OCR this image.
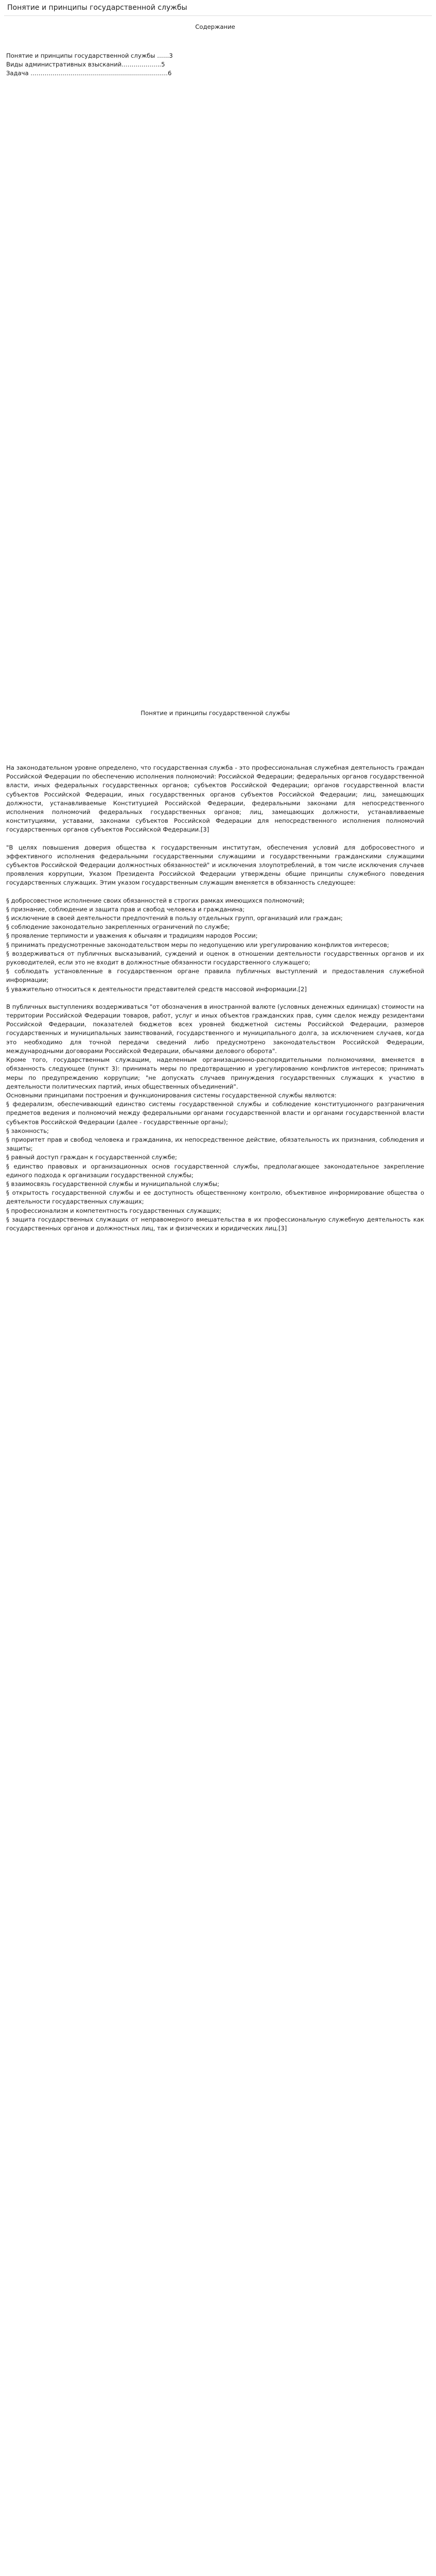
Понятие и принципы государственной службы
Содержание

Понятие и принципы государственной службы ……3

Виды административных взысканий………………..5

Задача ……………………………………………………………6

Понятие и принципы государственной службы

На законодательном уровне определено, что государственная служба - это профессиональная служебная деятельность граждан Российской Федерации по обеспечению исполнения полномочий: Российской Федерации; федеральных органов государственной власти, иных федеральных государственных органов; субъектов Российской Федерации; органов государственной власти субъектов Российской Федерации, иных государственных органов субъектов Российской Федерации; лиц, замещающих должности, устанавливаемые Конституцией Российской Федерации, федеральными законами для непосредственного исполнения полномочий федеральных государственных органов; лиц, замещающих должности, устанавливаемые конституциями, уставами, законами субъектов Российской Федерации для непосредственного исполнения полномочий государственных органов субъектов Российской Федерации.[3]

"В целях повышения доверия общества к государственным институтам, обеспечения условий для добросовестного и эффективного исполнения федеральными государственными служащими и государственными гражданскими служащими субъектов Российской Федерации должностных обязанностей" и исключения злоупотреблений, в том числе исключения случаев проявления коррупции, Указом Президента Российской Федерации утверждены общие принципы служебного поведения государственных служащих. Этим указом государственным служащим вменяется в обязанность следующее:

§ добросовестное исполнение своих обязанностей в строгих рамках имеющихся полномочий;

§ признание, соблюдение и защита прав и свобод человека и гражданина;

§ исключение в своей деятельности предпочтений в пользу отдельных групп, организаций или граждан;

§ соблюдение законодательно закрепленных ограничений по службе;

§ проявление терпимости и уважения к обычаям и традициям народов России;

§ принимать предусмотренные законодательством меры по недопущению или урегулированию конфликтов интересов;

§ воздерживаться от публичных высказываний, суждений и оценок в отношении деятельности государственных органов и их руководителей, если это не входит в должностные обязанности государственного служащего;

§ соблюдать установленные в государственном органе правила публичных выступлений и предоставления служебной информации;

§ уважительно относиться к деятельности представителей средств массовой информации.[2]

В публичных выступлениях воздерживаться "от обозначения в иностранной валюте (условных денежных единицах) стоимости на территории Российской Федерации товаров, работ, услуг и иных объектов гражданских прав, сумм сделок между резидентами Российской Федерации, показателей бюджетов всех уровней бюджетной системы Российской Федерации, размеров государственных и муниципальных заимствований, государственного и муниципального долга, за исключением случаев, когда это необходимо для точной передачи сведений либо предусмотрено законодательством Российской Федерации, международными договорами Российской Федерации, обычаями делового оборота".

Кроме того, государственным служащим, наделенным организационно-распорядительными полномочиями, вменяется в обязанность следующее (пункт 3): принимать меры по предотвращению и урегулированию конфликтов интересов; принимать меры по предупреждению коррупции; "не допускать случаев принуждения государственных служащих к участию в деятельности политических партий, иных общественных объединений".

Основными принципами построения и функционирования системы государственной службы являются:

§ федерализм, обеспечивающий единство системы государственной службы и соблюдение конституционного разграничения предметов ведения и полномочий между федеральными органами государственной власти и органами государственной власти субъектов Российской Федерации (далее - государственные органы);

§ законность;

§ приоритет прав и свобод человека и гражданина, их непосредственное действие, обязательность их признания, соблюдения и защиты;

§ равный доступ граждан к государственной службе;

§ единство правовых и организационных основ государственной службы, предполагающее законодательное закрепление единого подхода к организации государственной службы;

§ взаимосвязь государственной службы и муниципальной службы;

§ открытость государственной службы и ее доступность общественному контролю, объективное информирование общества о деятельности государственных служащих;

§ профессионализм и компетентность государственных служащих;

§ защита государственных служащих от неправомерного вмешательства в их профессиональную служебную деятельность как государственных органов и должностных лиц, так и физических и юридических лиц.[3]
